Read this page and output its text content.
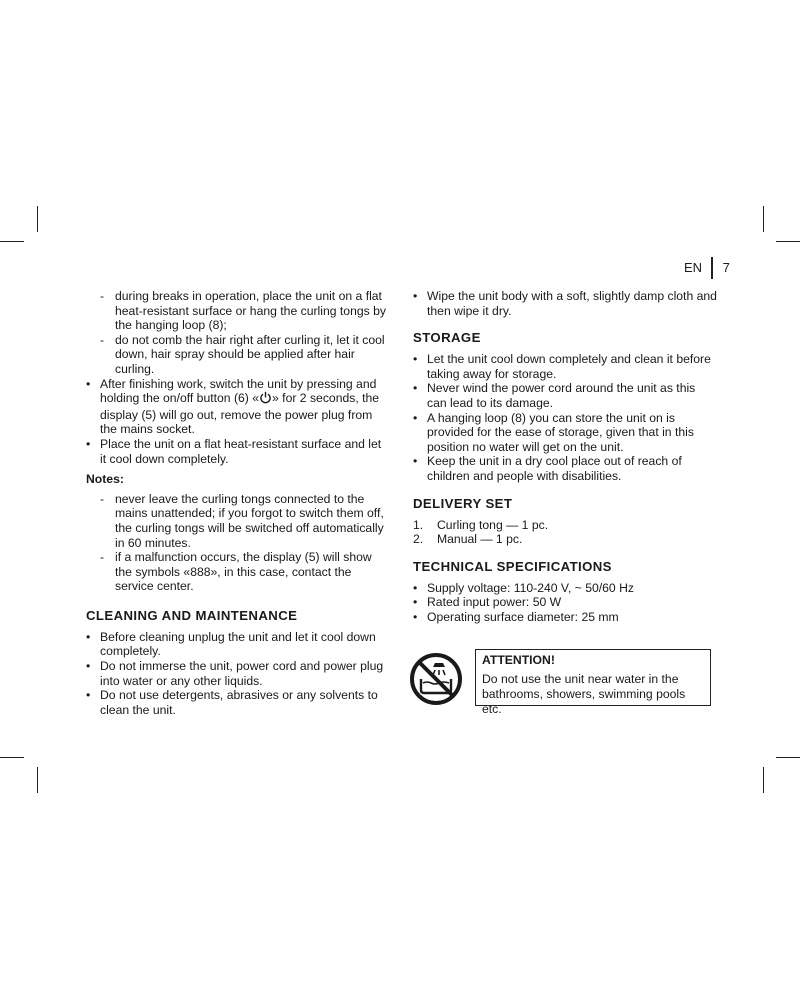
EN 7
- during breaks in operation, place the unit on a flat heat-resistant surface or hang the curling tongs by the hanging loop (8);
- do not comb the hair right after curling it, let it cool down, hair spray should be applied after hair curling.
• After finishing work, switch the unit by pressing and holding the on/off button (6) « » for 2 seconds, the display (5) will go out, remove the power plug from the mains socket.
• Place the unit on a flat heat-resistant surface and let it cool down completely.
Notes:
- never leave the curling tongs connected to the mains unattended; if you forgot to switch them off, the curling tongs will be switched off automatically in 60 minutes.
- if a malfunction occurs, the display (5) will show the symbols «888», in this case, contact the service center.
CLEANING AND MAINTENANCE
• Before cleaning unplug the unit and let it cool down completely.
• Do not immerse the unit, power cord and power plug into water or any other liquids.
• Do not use detergents, abrasives or any solvents to clean the unit.
• Wipe the unit body with a soft, slightly damp cloth and then wipe it dry.
STORAGE
• Let the unit cool down completely and clean it before taking away for storage.
• Never wind the power cord around the unit as this can lead to its damage.
• A hanging loop (8) you can store the unit on is provided for the ease of storage, given that in this position no water will get on the unit.
• Keep the unit in a dry cool place out of reach of children and people with disabilities.
DELIVERY SET
1. Curling tong — 1 pc.
2. Manual — 1 pc.
TECHNICAL SPECIFICATIONS
• Supply voltage: 110-240 V, ~ 50/60 Hz
• Rated input power: 50 W
• Operating surface diameter: 25 mm
ATTENTION!
Do not use the unit near water in the bathrooms, showers, swimming pools etc.
